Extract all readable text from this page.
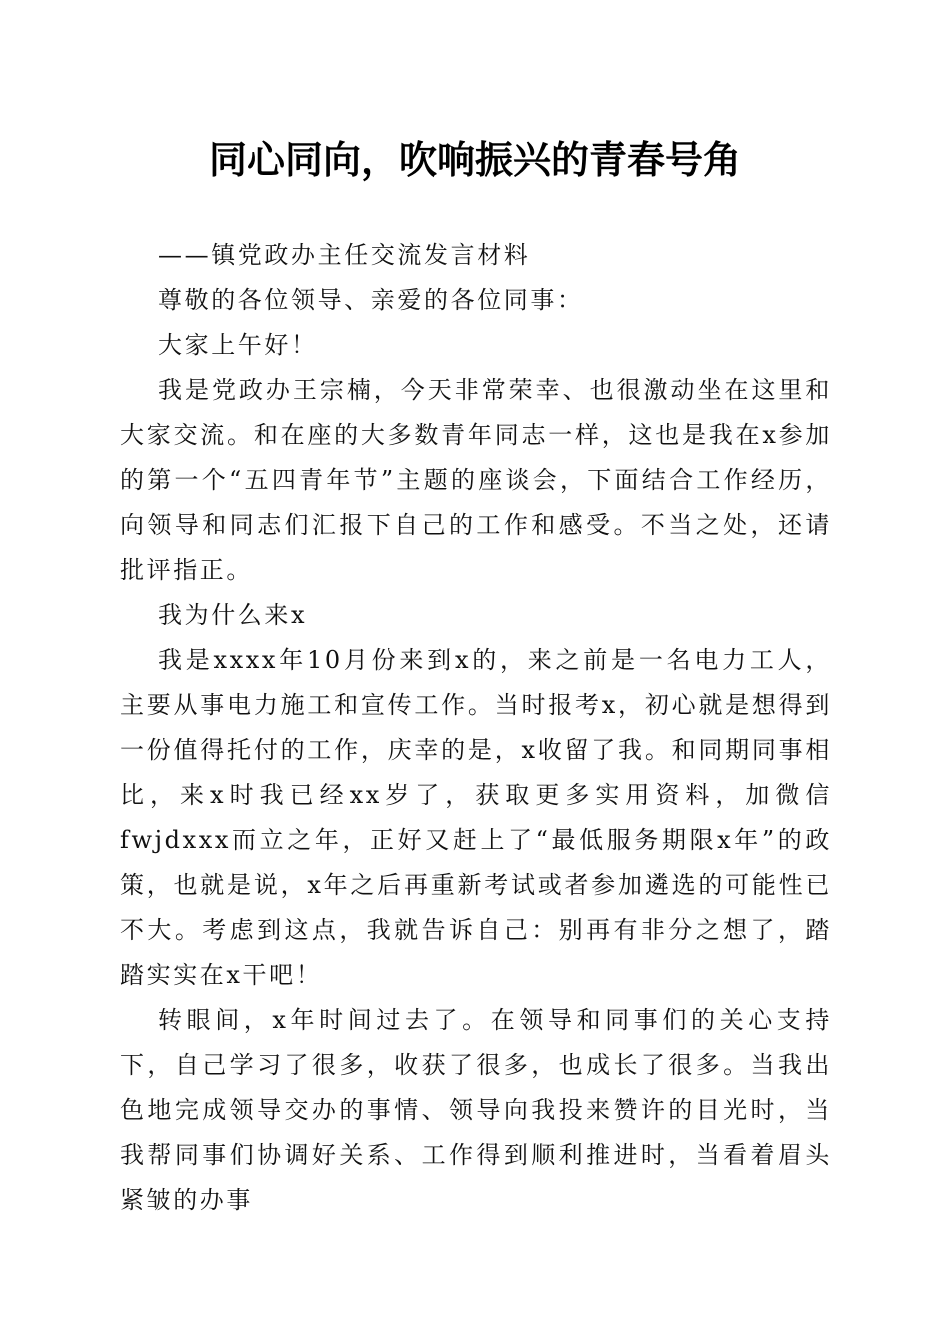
同心同向，吹响振兴的青春号角

——镇党政办主任交流发言材料

尊敬的各位领导、亲爱的各位同事：

大家上午好！

我是党政办王宗楠，今天非常荣幸、也很激动坐在这里和大家交流。和在座的大多数青年同志一样，这也是我在x参加的第一个“五四青年节”主题的座谈会，下面结合工作经历，向领导和同志们汇报下自己的工作和感受。不当之处，还请批评指正。

我为什么来x

我是xxxx年10月份来到x的，来之前是一名电力工人，主要从事电力施工和宣传工作。当时报考x，初心就是想得到一份值得托付的工作，庆幸的是，x收留了我。和同期同事相比，来x时我已经xx岁了，获取更多实用资料，加微信fwjdxxx而立之年，正好又赶上了“最低服务期限x年”的政策，也就是说，x年之后再重新考试或者参加遴选的可能性已不大。考虑到这点，我就告诉自己：别再有非分之想了，踏踏实实在x干吧！

转眼间，x年时间过去了。在领导和同事们的关心支持下，自己学习了很多，收获了很多，也成长了很多。当我出色地完成领导交办的事情、领导向我投来赞许的目光时，当我帮同事们协调好关系、工作得到顺利推进时，当看着眉头紧皱的办事
